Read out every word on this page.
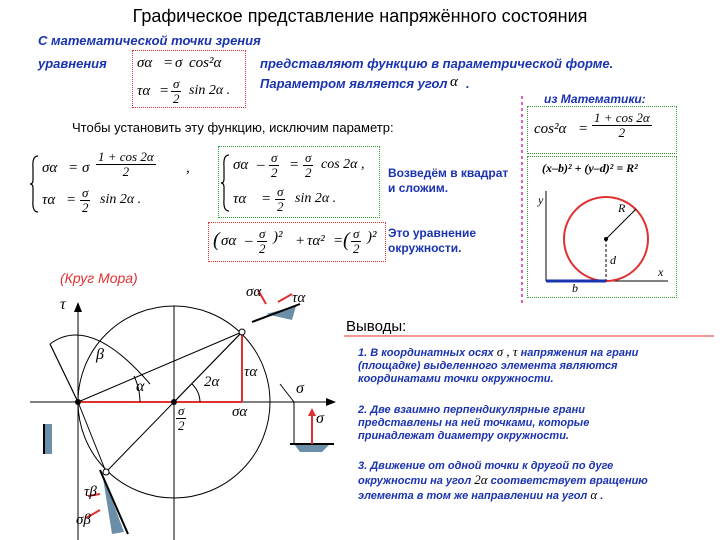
Графическое представление напряжённого состояния
С математической точки зрения
уравнения	представляют функцию в параметрической форме.
Параметром является угол α .
σα = σ cos²α
$\tau\alpha = \frac{\sigma}{2}$ sin 2α .
из Математики:
$\cos^2\alpha = \frac{1 + \cos 2\alpha}{2}$
(x–b)² + (y–d)² = R²
y
x
R
d
b
Чтобы установить эту функцию, исключим параметр:
σα = σ $\frac{1 + \cos 2\alpha}{2}$ ,
$\tau\alpha = \frac{\sigma}{2}$ sin 2α .
$\sigma\alpha - \frac{\sigma}{2} = \frac{\sigma}{2}$ cos 2α ,
$\tau\alpha = \frac{\sigma}{2}$ sin 2α .
Возведём в квадрат и сложим.
( $\sigma\alpha - \frac{\sigma}{2} )^2 + \tau\alpha^2$ = ( $\frac{\sigma}{2} )^2$ Это уравнение окружности.
(Круг Мора)
τ
β
α	2α
τα
σ
$\frac{\sigma}{2}$	σα	σ
σα τα
τβ
σβ
Выводы:
1. В координатных осях σ , τ напряжения на грани
(площадке) выделенного элемента являются
координатами точки окружности.
2. Две взаимно перпендикулярные грани
представлены на ней точками, которые
принадлежат диаметру окружности.
3. Движение от одной точки к другой по дуге
окружности на угол 2α соответствует вращению
элемента в том же направлении на угол α .
